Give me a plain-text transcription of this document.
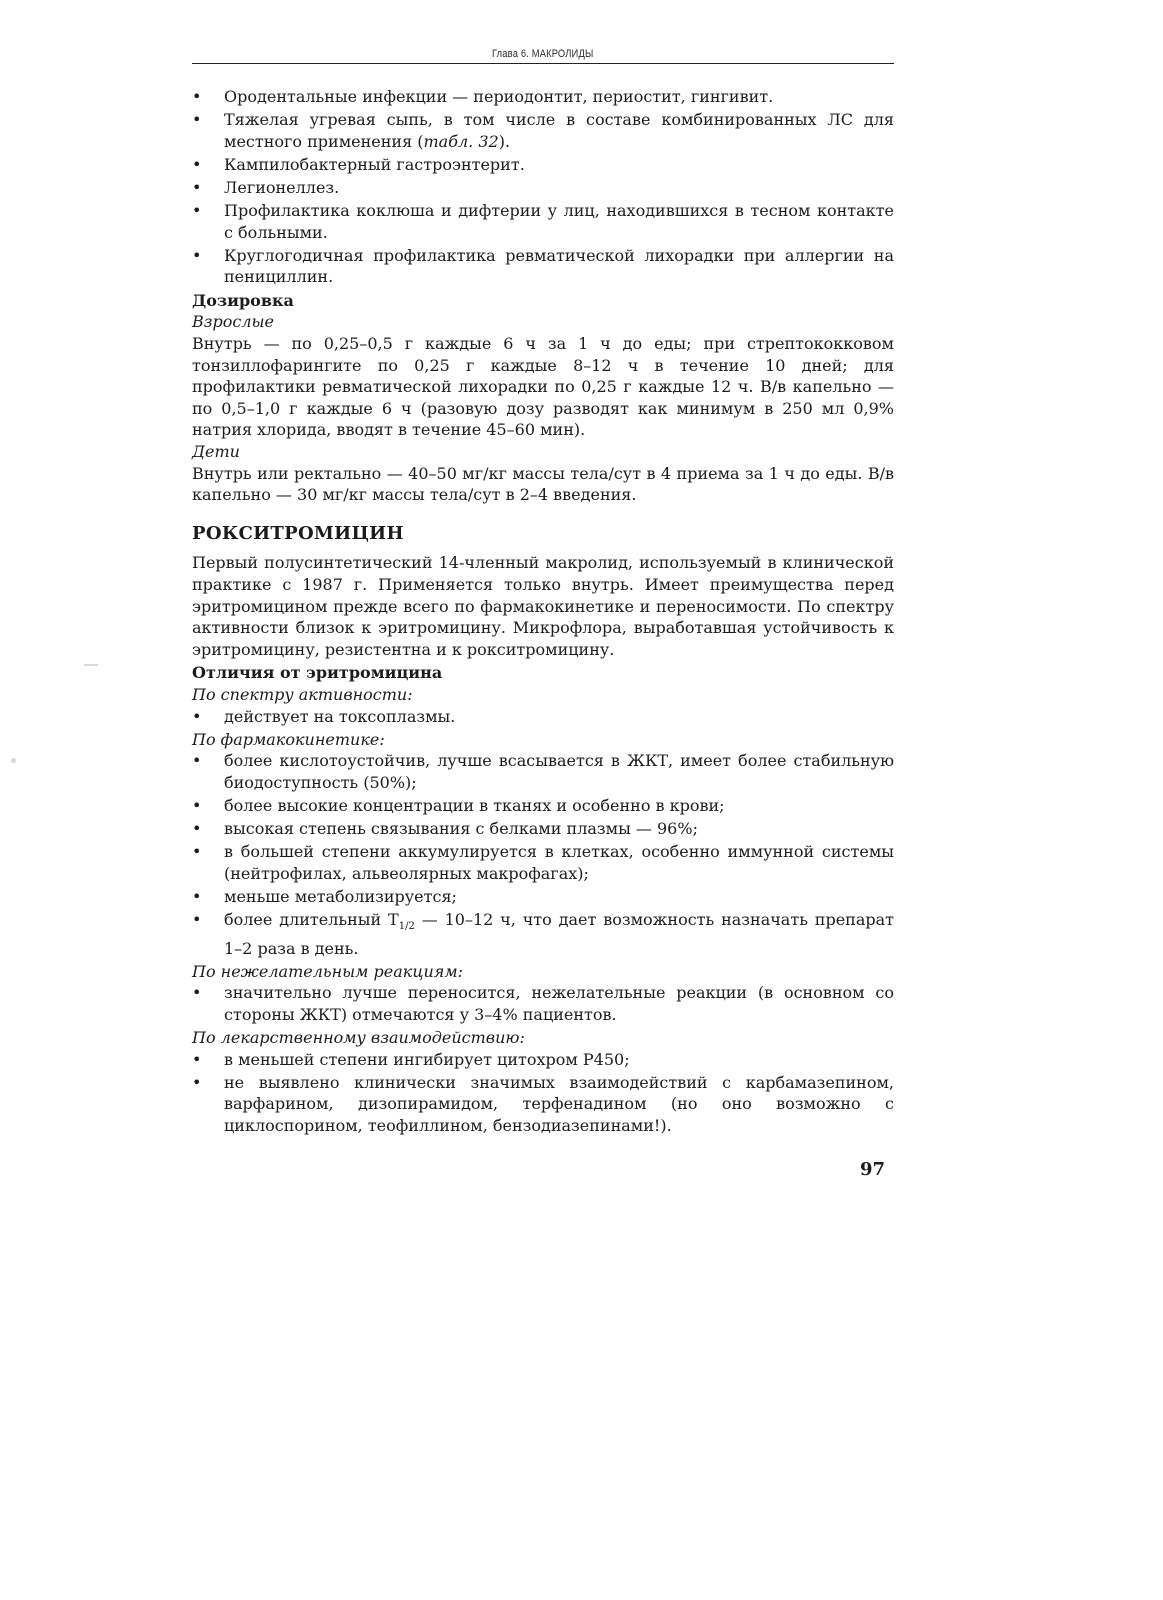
Глава 6. МАКРОЛИДЫ
• Ородентальные инфекции — периодонтит, периостит, гингивит.
• Тяжелая угревая сыпь, в том числе в составе комбинированных ЛС для местного применения (табл. 32).
• Кампилобактерный гастроэнтерит.
• Легионеллез.
• Профилактика коклюша и дифтерии у лиц, находившихся в тесном контакте с больными.
• Круглогодичная профилактика ревматической лихорадки при аллергии на пенициллин.
Дозировка
Взрослые

Внутрь — по 0,25–0,5 г каждые 6 ч за 1 ч до еды; при стрептококковом тонзиллофарингите по 0,25 г каждые 8–12 ч в течение 10 дней; для профилактики ревматической лихорадки по 0,25 г каждые 12 ч. В/в капельно — по 0,5–1,0 г каждые 6 ч (разовую дозу разводят как минимум в 250 мл 0,9% натрия хлорида, вводят в течение 45–60 мин).

Дети

Внутрь или ректально — 40–50 мг/кг массы тела/сут в 4 приема за 1 ч до еды. В/в капельно — 30 мг/кг массы тела/сут в 2–4 введения.

РОКСИТРОМИЦИН

Первый полусинтетический 14-членный макролид, используемый в клинической практике с 1987 г. Применяется только внутрь. Имеет преимущества перед эритромицином прежде всего по фармакокинетике и переносимости. По спектру активности близок к эритромицину. Микрофлора, выработавшая устойчивость к эритромицину, резистентна и к рокситромицину.

Отличия от эритромицина
По спектру активности:
• действует на токсоплазмы.
По фармакокинетике:
• более кислотоустойчив, лучше всасывается в ЖКТ, имеет более стабильную биодоступность (50%);
• более высокие концентрации в тканях и особенно в крови;
• высокая степень связывания с белками плазмы — 96%;
• в большей степени аккумулируется в клетках, особенно иммунной системы (нейтрофилах, альвеолярных макрофагах);
• меньше метаболизируется;
• более длительный $T_{1/2}$ — 10–12 ч, что дает возможность назначать препарат 1–2 раза в день.
По нежелательным реакциям:
• значительно лучше переносится, нежелательные реакции (в основном со стороны ЖКТ) отмечаются у 3–4% пациентов.
По лекарственному взаимодействию:
• в меньшей степени ингибирует цитохром Р450;
• не выявлено клинически значимых взаимодействий с карбамазепином, варфарином, дизопирамидом, терфенадином (но оно возможно с циклоспорином, теофиллином, бензодиазепинами!).
97
